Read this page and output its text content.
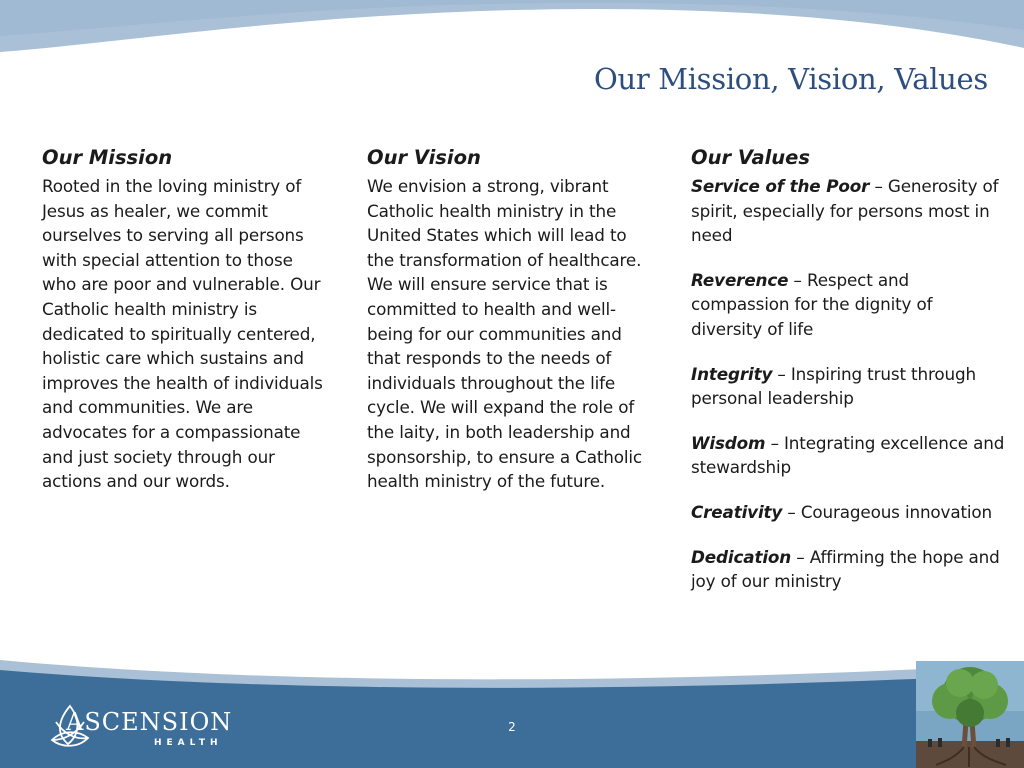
Our Mission, Vision, Values
Our Mission

Rooted in the loving ministry of Jesus as healer, we commit ourselves to serving all persons with special attention to those who are poor and vulnerable. Our Catholic health ministry is dedicated to spiritually centered, holistic care which sustains and improves the health of individuals and communities. We are advocates for a compassionate and just society through our actions and our words.

Our Vision

We envision a strong, vibrant Catholic health ministry in the United States which will lead to the transformation of healthcare. We will ensure service that is committed to health and well-being for our communities and that responds to the needs of individuals throughout the life cycle. We will expand the role of the laity, in both leadership and sponsorship, to ensure a Catholic health ministry of the future.

Our Values

Service of the Poor – Generosity of spirit, especially for persons most in need

Reverence – Respect and compassion for the dignity of diversity of life

Integrity – Inspiring trust through personal leadership

Wisdom – Integrating excellence and stewardship

Creativity – Courageous innovation

Dedication – Affirming the hope and joy of our ministry

ASCENSION
HEALTH
2
